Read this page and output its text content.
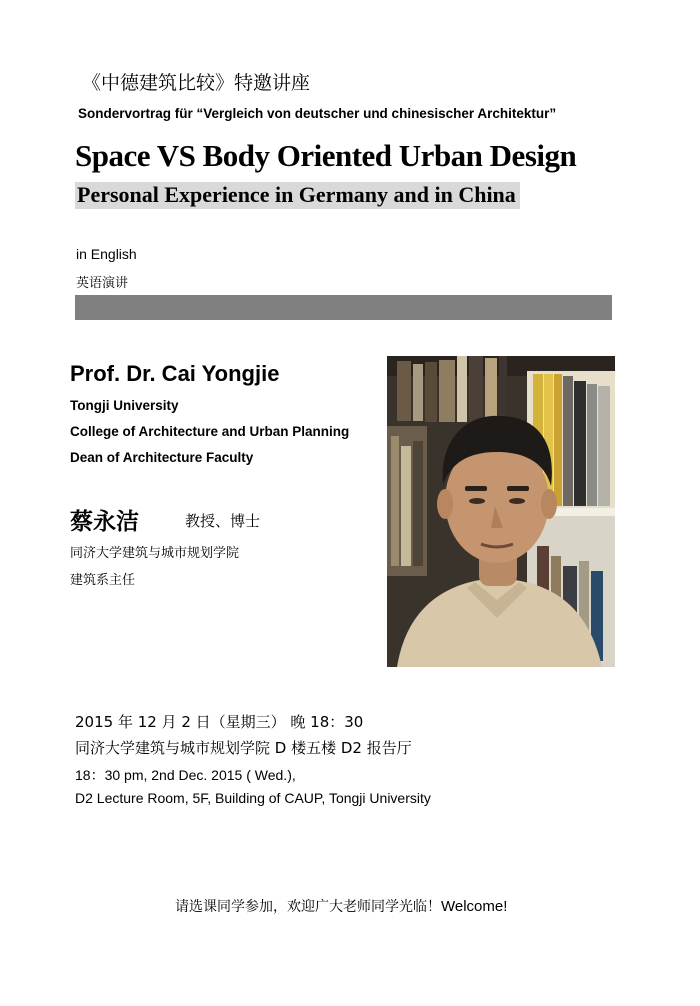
《中德建筑比较》特邀讲座
Sondervortrag für “Vergleich von deutscher und chinesischer Architektur”
Space VS Body Oriented Urban Design
Personal Experience in Germany and in China
in English
英语演讲
Prof. Dr. Cai Yongjie
Tongji University
College of Architecture and Urban Planning
Dean of Architecture Faculty
蔡永洁	教授、博士
同济大学建筑与城市规划学院
建筑系主任
2015 年 12 月 2 日（星期三） 晚 18：30
同济大学建筑与城市规划学院 D 楼五楼 D2 报告厅
18：30 pm, 2nd Dec. 2015 ( Wed.),
D2 Lecture Room, 5F, Building of CAUP, Tongji University
请选课同学参加，欢迎广大老师同学光临！Welcome!
